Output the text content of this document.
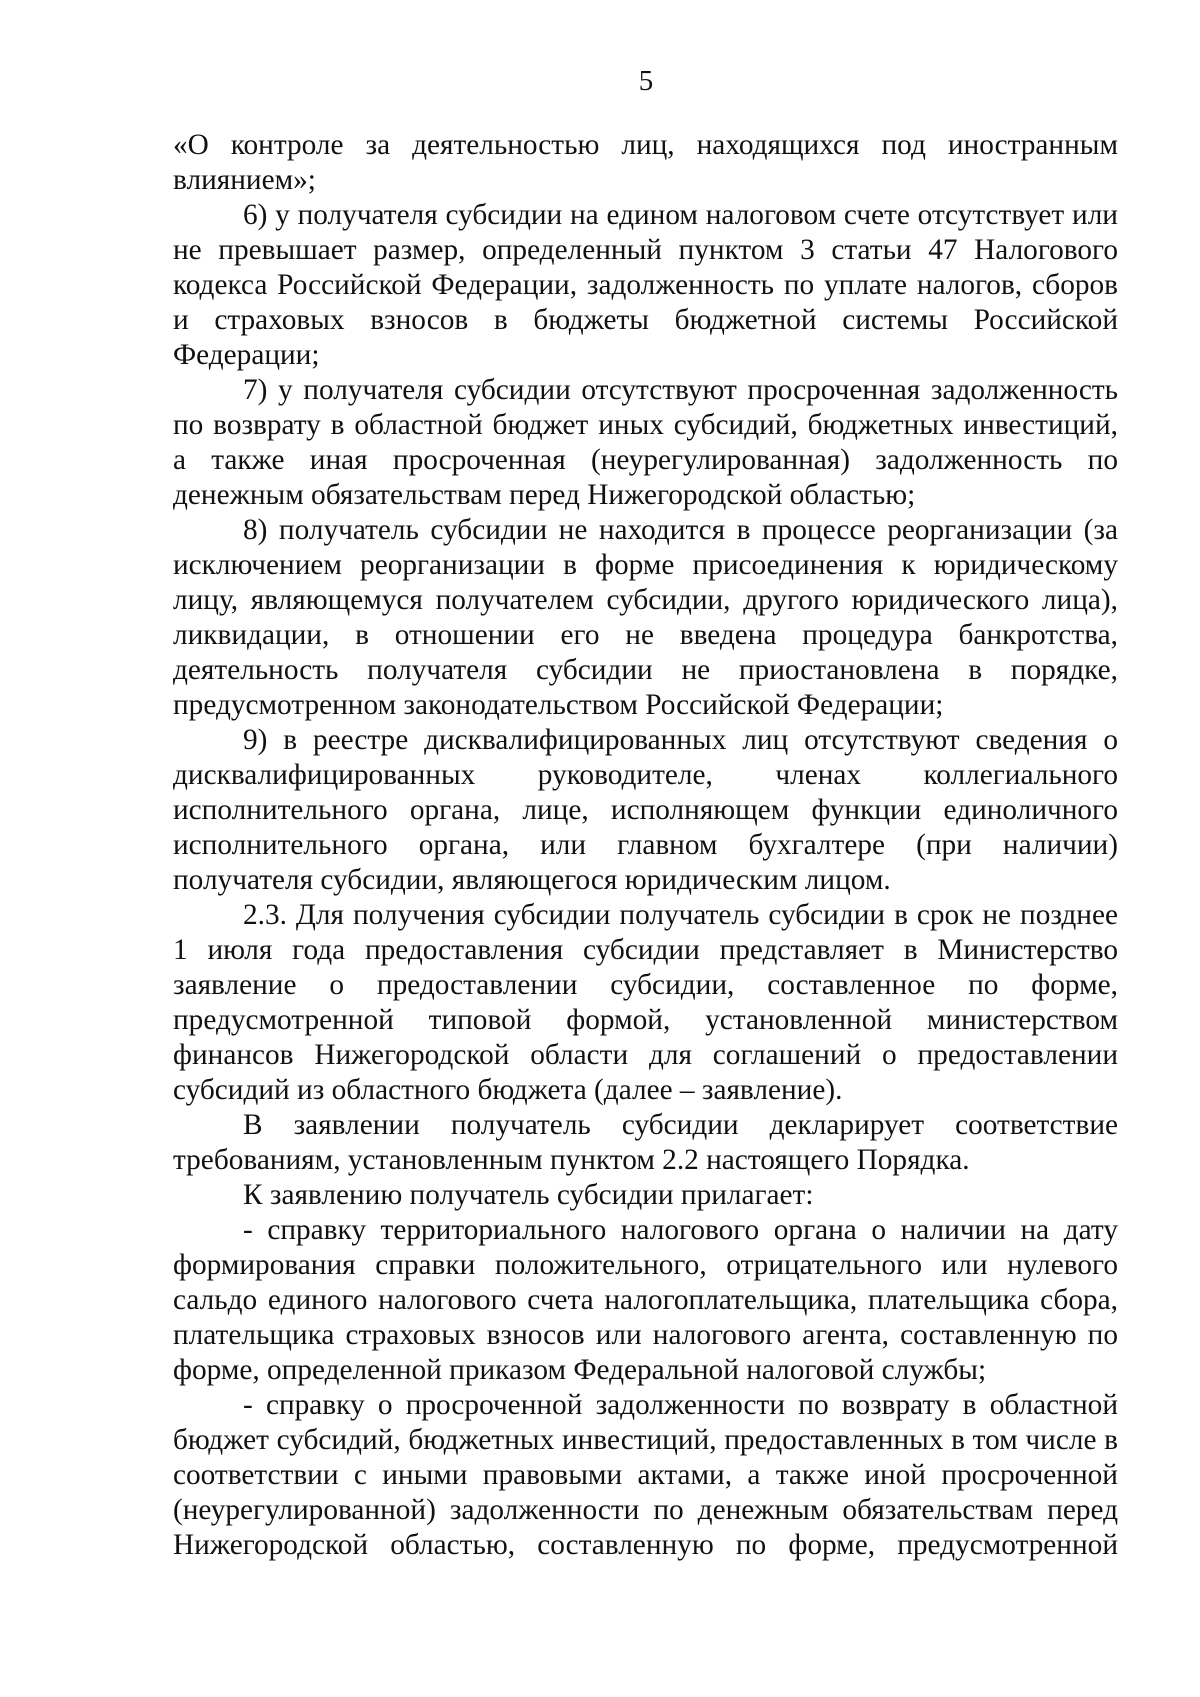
5

«О контроле за деятельностью лиц, находящихся под иностранным влиянием»;

6) у получателя субсидии на едином налоговом счете отсутствует или не превышает размер, определенный пунктом 3 статьи 47 Налогового кодекса Российской Федерации, задолженность по уплате налогов, сборов и страховых взносов в бюджеты бюджетной системы Российской Федерации;

7) у получателя субсидии отсутствуют просроченная задолженность по возврату в областной бюджет иных субсидий, бюджетных инвестиций, а также иная просроченная (неурегулированная) задолженность по денежным обязательствам перед Нижегородской областью;

8) получатель субсидии не находится в процессе реорганизации (за исключением реорганизации в форме присоединения к юридическому лицу, являющемуся получателем субсидии, другого юридического лица), ликвидации, в отношении его не введена процедура банкротства, деятельность получателя субсидии не приостановлена в порядке, предусмотренном законодательством Российской Федерации;

9) в реестре дисквалифицированных лиц отсутствуют сведения о дисквалифицированных руководителе, членах коллегиального исполнительного органа, лице, исполняющем функции единоличного исполнительного органа, или главном бухгалтере (при наличии) получателя субсидии, являющегося юридическим лицом.

2.3. Для получения субсидии получатель субсидии в срок не позднее 1 июля года предоставления субсидии представляет в Министерство заявление о предоставлении субсидии, составленное по форме, предусмотренной типовой формой, установленной министерством финансов Нижегородской области для соглашений о предоставлении субсидий из областного бюджета (далее – заявление).

В заявлении получатель субсидии декларирует соответствие требованиям, установленным пунктом 2.2 настоящего Порядка.

К заявлению получатель субсидии прилагает:

- справку территориального налогового органа о наличии на дату формирования справки положительного, отрицательного или нулевого сальдо единого налогового счета налогоплательщика, плательщика сбора, плательщика страховых взносов или налогового агента, составленную по форме, определенной приказом Федеральной налоговой службы;

- справку о просроченной задолженности по возврату в областной бюджет субсидий, бюджетных инвестиций, предоставленных в том числе в соответствии с иными правовыми актами, а также иной просроченной (неурегулированной) задолженности по денежным обязательствам перед Нижегородской областью, составленную по форме, предусмотренной
